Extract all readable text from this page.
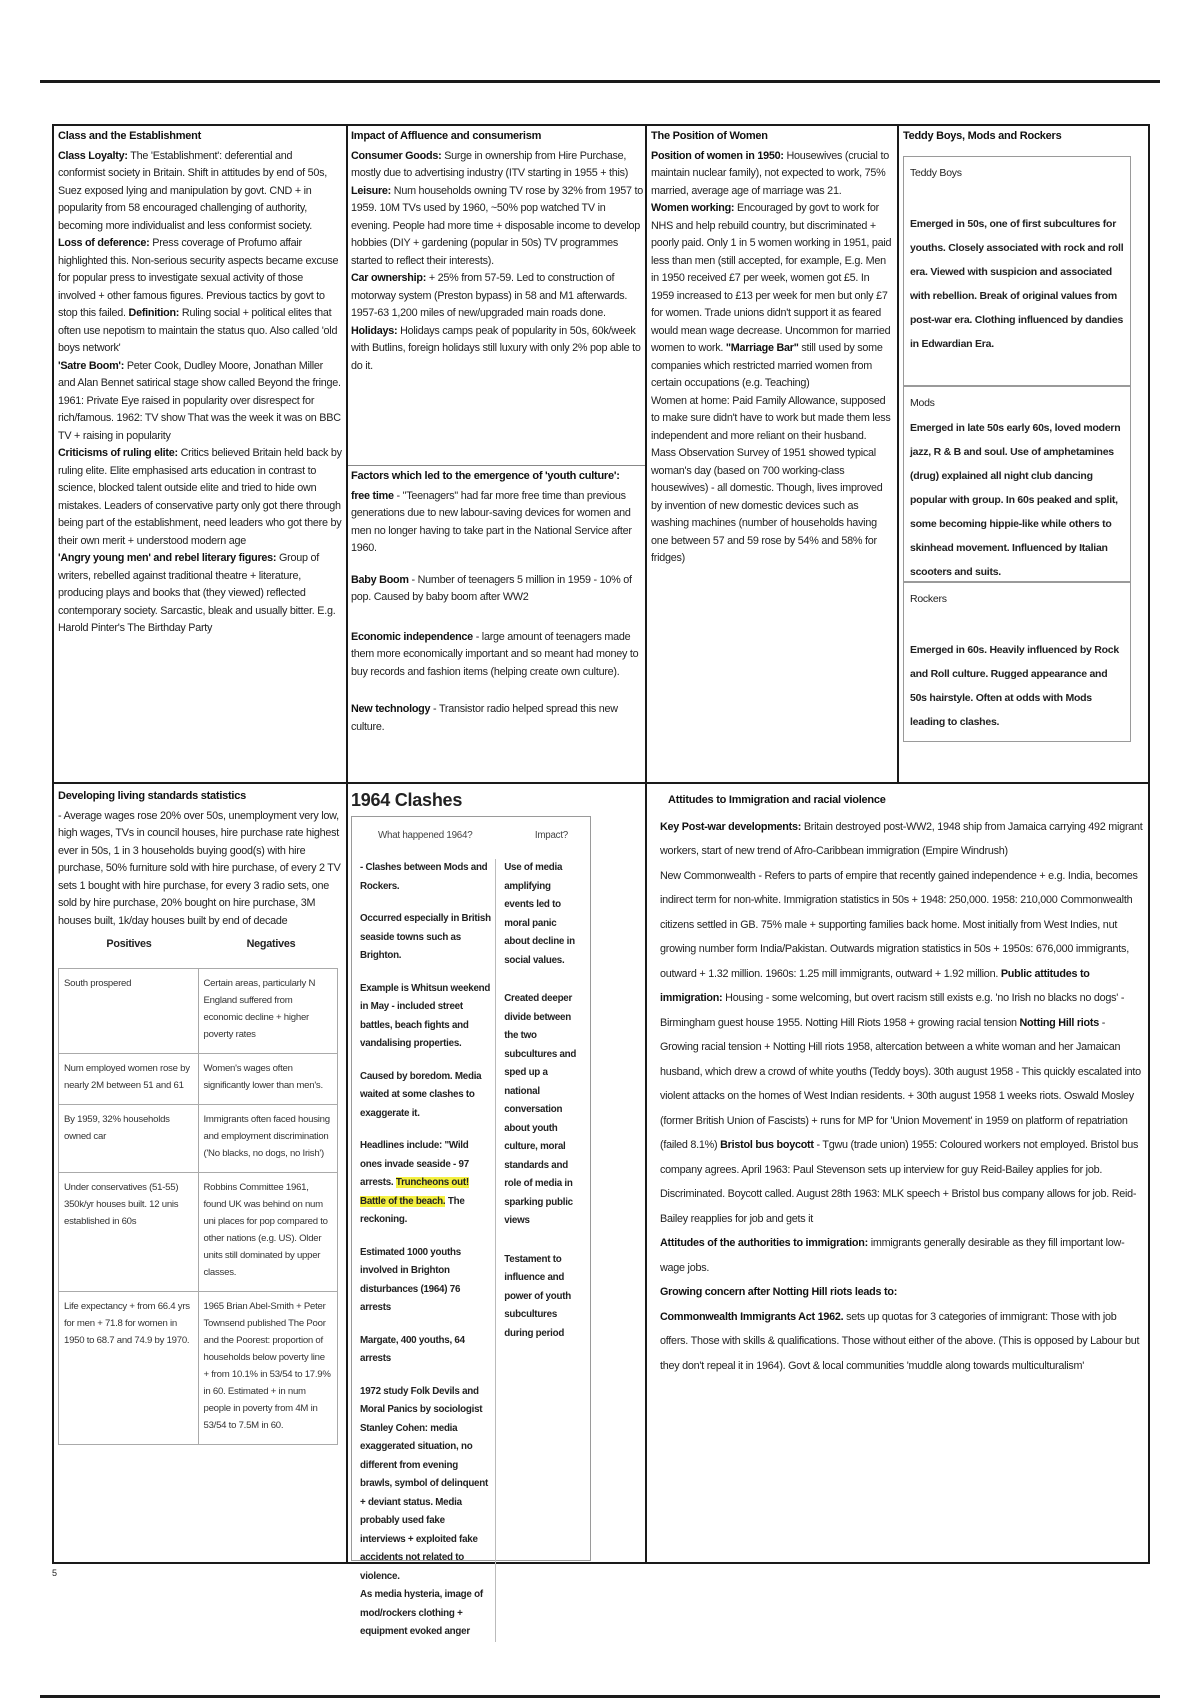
Class and the Establishment

Class Loyalty: The 'Establishment': deferential and conformist society in Britain. Shift in attitudes by end of 50s, Suez exposed lying and manipulation by govt. CND + in popularity from 58 encouraged challenging of authority, becoming more individualist and less conformist society.

Loss of deference: Press coverage of Profumo affair highlighted this. Non-serious security aspects became excuse for popular press to investigate sexual activity of those involved + other famous figures. Previous tactics by govt to stop this failed. Definition: Ruling social + political elites that often use nepotism to maintain the status quo. Also called 'old boys network'

'Satre Boom': Peter Cook, Dudley Moore, Jonathan Miller and Alan Bennet satirical stage show called Beyond the fringe. 1961: Private Eye raised in popularity over disrespect for rich/famous. 1962: TV show That was the week it was on BBC TV + raising in popularity

Criticisms of ruling elite: Critics believed Britain held back by ruling elite. Elite emphasised arts education in contrast to science, blocked talent outside elite and tried to hide own mistakes. Leaders of conservative party only got there through being part of the establishment, need leaders who got there by their own merit + understood modern age

'Angry young men' and rebel literary figures: Group of writers, rebelled against traditional theatre + literature, producing plays and books that (they viewed) reflected contemporary society. Sarcastic, bleak and usually bitter. E.g. Harold Pinter's The Birthday Party

Impact of Affluence and consumerism

Consumer Goods: Surge in ownership from Hire Purchase, mostly due to advertising industry (ITV starting in 1955 + this)

Leisure: Num households owning TV rose by 32% from 1957 to 1959. 10M TVs used by 1960, ~50% pop watched TV in evening. People had more time + disposable income to develop hobbies (DIY + gardening (popular in 50s) TV programmes started to reflect their interests).

Car ownership: + 25% from 57-59. Led to construction of motorway system (Preston bypass) in 58 and M1 afterwards. 1957-63 1,200 miles of new/upgraded main roads done. Holidays: Holidays camps peak of popularity in 50s, 60k/week with Butlins, foreign holidays still luxury with only 2% pop able to do it.

Factors which led to the emergence of 'youth culture':

free time - "Teenagers" had far more free time than previous generations due to new labour-saving devices for women and men no longer having to take part in the National Service after 1960.

Baby Boom - Number of teenagers 5 million in 1959 - 10% of pop. Caused by baby boom after WW2

Economic independence - large amount of teenagers made them more economically important and so meant had money to buy records and fashion items (helping create own culture).

New technology - Transistor radio helped spread this new culture.

The Position of Women

Position of women in 1950: Housewives (crucial to maintain nuclear family), not expected to work, 75% married, average age of marriage was 21.

Women working: Encouraged by govt to work for NHS and help rebuild country, but discriminated + poorly paid. Only 1 in 5 women working in 1951, paid less than men (still accepted, for example, E.g. Men in 1950 received £7 per week, women got £5. In 1959 increased to £13 per week for men but only £7 for women. Trade unions didn't support it as feared would mean wage decrease. Uncommon for married women to work. "Marriage Bar" still used by some companies which restricted married women from certain occupations (e.g. Teaching)

Women at home: Paid Family Allowance, supposed to make sure didn't have to work but made them less independent and more reliant on their husband. Mass Observation Survey of 1951 showed typical woman's day (based on 700 working-class housewives) - all domestic. Though, lives improved by invention of new domestic devices such as washing machines (number of households having one between 57 and 59 rose by 54% and 58% for fridges)

Teddy Boys, Mods and Rockers

Teddy Boys

Emerged in 50s, one of first subcultures for youths. Closely associated with rock and roll era. Viewed with suspicion and associated with rebellion. Break of original values from post-war era. Clothing influenced by dandies in Edwardian Era.

Mods

Emerged in late 50s early 60s, loved modern jazz, R & B and soul. Use of amphetamines (drug) explained all night club dancing popular with group. In 60s peaked and split, some becoming hippie-like while others to skinhead movement. Influenced by Italian scooters and suits.

Rockers

Emerged in 60s. Heavily influenced by Rock and Roll culture. Rugged appearance and 50s hairstyle. Often at odds with Mods leading to clashes.

Developing living standards statistics

- Average wages rose 20% over 50s, unemployment very low, high wages, TVs in council houses, hire purchase rate highest ever in 50s, 1 in 3 households buying good(s) with hire purchase, 50% furniture sold with hire purchase, of every 2 TV sets 1 bought with hire purchase, for every 3 radio sets, one sold by hire purchase, 20% bought on hire purchase, 3M houses built, 1k/day houses built by end of decade

Positives	Negatives
South prospered	Certain areas, particularly N England suffered from economic decline + higher poverty rates
Num employed women rose by nearly 2M between 51 and 61	Women's wages often significantly lower than men's.
By 1959, 32% households owned car	Immigrants often faced housing and employment discrimination ('No blacks, no dogs, no Irish')
Under conservatives (51-55) 350k/yr houses built. 12 unis established in 60s	Robbins Committee 1961, found UK was behind on num uni places for pop compared to other nations (e.g. US). Older units still dominated by upper classes.
Life expectancy + from 66.4 yrs for men + 71.8 for women in 1950 to 68.7 and 74.9 by 1970.	1965 Brian Abel-Smith + Peter Townsend published The Poor and the Poorest: proportion of households below poverty line + from 10.1% in 53/54 to 17.9% in 60. Estimated + in num people in poverty from 4M in 53/54 to 7.5M in 60.
1964 Clashes
What happened 1964?	Impact?

- Clashes between Mods and Rockers.

Occurred especially in British seaside towns such as Brighton.

Example is Whitsun weekend in May - included street battles, beach fights and vandalising properties.

Caused by boredom. Media waited at some clashes to exaggerate it.

Headlines include: "Wild ones invade seaside - 97 arrests. Truncheons out! Battle of the beach. The reckoning.

Estimated 1000 youths involved in Brighton disturbances (1964) 76 arrests

Margate, 400 youths, 64 arrests

1972 study Folk Devils and Moral Panics by sociologist Stanley Cohen: media exaggerated situation, no different from evening brawls, symbol of delinquent + deviant status. Media probably used fake interviews + exploited fake accidents not related to violence.

As media hysteria, image of mod/rockers clothing + equipment evoked anger

Use of media amplifying events led to moral panic about decline in social values.

Created deeper divide between the two subcultures and sped up a national conversation about youth culture, moral standards and role of media in sparking public views

Testament to influence and power of youth subcultures during period

Attitudes to Immigration and racial violence

Key Post-war developments: Britain destroyed post-WW2, 1948 ship from Jamaica carrying 492 migrant workers, start of new trend of Afro-Caribbean immigration (Empire Windrush)

New Commonwealth - Refers to parts of empire that recently gained independence + e.g. India, becomes indirect term for non-white. Immigration statistics in 50s + 1948: 250,000. 1958: 210,000 Commonwealth citizens settled in GB. 75% male + supporting families back home. Most initially from West Indies, nut growing number form India/Pakistan. Outwards migration statistics in 50s + 1950s: 676,000 immigrants, outward + 1.32 million. 1960s: 1.25 mill immigrants, outward + 1.92 million. Public attitudes to immigration: Housing - some welcoming, but overt racism still exists e.g. 'no Irish no blacks no dogs' - Birmingham guest house 1955. Notting Hill Riots 1958 + growing racial tension Notting Hill riots - Growing racial tension + Notting Hill riots 1958, altercation between a white woman and her Jamaican husband, which drew a crowd of white youths (Teddy boys). 30th august 1958 - This quickly escalated into violent attacks on the homes of West Indian residents. + 30th august 1958 1 weeks riots. Oswald Mosley (former British Union of Fascists) + runs for MP for 'Union Movement' in 1959 on platform of repatriation (failed 8.1%) Bristol bus boycott - Tgwu (trade union) 1955: Coloured workers not employed. Bristol bus company agrees. April 1963: Paul Stevenson sets up interview for guy Reid-Bailey applies for job. Discriminated. Boycott called. August 28th 1963: MLK speech + Bristol bus company allows for job. Reid-Bailey reapplies for job and gets it

Attitudes of the authorities to immigration: immigrants generally desirable as they fill important low-wage jobs.

Growing concern after Notting Hill riots leads to:

Commonwealth Immigrants Act 1962. sets up quotas for 3 categories of immigrant: Those with job offers. Those with skills & qualifications. Those without either of the above. (This is opposed by Labour but they don't repeal it in 1964). Govt & local communities 'muddle along towards multiculturalism'

5
